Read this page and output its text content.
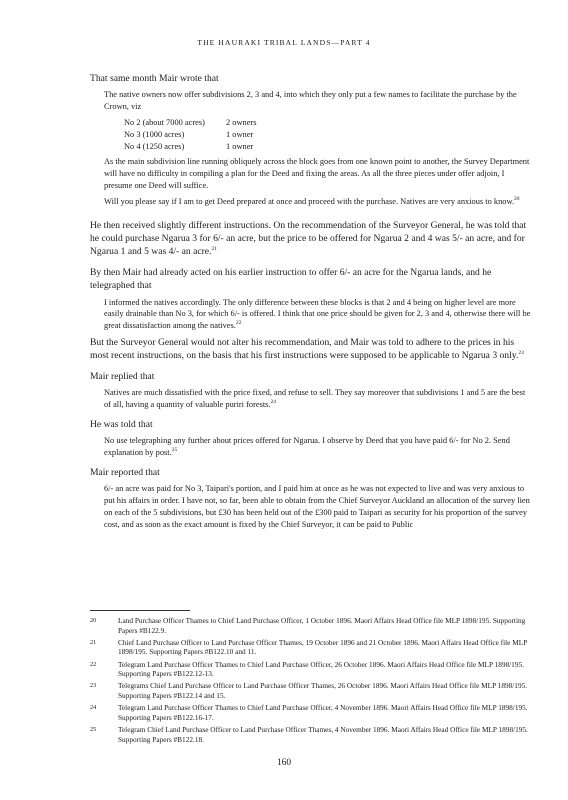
THE HAURAKI TRIBAL LANDS—PART 4

That same month Mair wrote that

The native owners now offer subdivisions 2, 3 and 4, into which they only put a few names to facilitate the purchase by the Crown, viz

No 2 (about 7000 acres)	2 owners
No 3 (1000 acres)	1 owner
No 4 (1250 acres)	1 owner

As the main subdivision line running obliquely across the block goes from one known point to another, the Survey Department will have no difficulty in compiling a plan for the Deed and fixing the areas. As all the three pieces under offer adjoin, I presume one Deed will suffice.

Will you please say if I am to get Deed prepared at once and proceed with the purchase. Natives are very anxious to know.$^{20}$

He then received slightly different instructions. On the recommendation of the Surveyor General, he was told that he could purchase Ngarua 3 for 6/- an acre, but the price to be offered for Ngarua 2 and 4 was 5/- an acre, and for Ngarua 1 and 5 was 4/- an acre.$^{21}$

By then Mair had already acted on his earlier instruction to offer 6/- an acre for the Ngarua lands, and he telegraphed that

I informed the natives accordingly. The only difference between these blocks is that 2 and 4 being on higher level are more easily drainable than No 3, for which 6/- is offered. I think that one price should be given for 2, 3 and 4, otherwise there will be great dissatisfaction among the natives.$^{22}$

But the Surveyor General would not alter his recommendation, and Mair was told to adhere to the prices in his most recent instructions, on the basis that his first instructions were supposed to be applicable to Ngarua 3 only.$^{23}$

Mair replied that

Natives are much dissatisfied with the price fixed, and refuse to sell. They say moreover that subdivisions 1 and 5 are the best of all, having a quantity of valuable puriri forests.$^{24}$

He was told that

No use telegraphing any further about prices offered for Ngarua. I observe by Deed that you have paid 6/- for No 2. Send explanation by post.$^{25}$

Mair reported that

6/- an acre was paid for No 3, Taipari's portion, and I paid him at once as he was not expected to live and was very anxious to put his affairs in order. I have not, so far, been able to obtain from the Chief Surveyor Auckland an allocation of the survey lien on each of the 5 subdivisions, but £30 has been held out of the £300 paid to Taipari as security for his proportion of the survey cost, and as soon as the exact amount is fixed by the Chief Surveyor, it can be paid to Public

20	Land Purchase Officer Thames to Chief Land Purchase Officer, 1 October 1896. Maori Affairs Head Office file MLP 1898/195. Supporting Papers #B122.9.
21	Chief Land Purchase Officer to Land Purchase Officer Thames, 19 October 1896 and 21 October 1896. Maori Affairs Head Office file MLP 1898/195. Supporting Papers #B122.10 and 11.
22	Telegram Land Purchase Officer Thames to Chief Land Purchase Officer, 26 October 1896. Maori Affairs Head Office file MLP 1898/195. Supporting Papers #B122.12-13.
23	Telegrams Chief Land Purchase Officer to Land Purchase Officer Thames, 26 October 1896. Maori Affairs Head Office file MLP 1898/195. Supporting Papers #B122.14 and 15.
24	Telegram Land Purchase Officer Thames to Chief Land Purchase Officer, 4 November 1896. Maori Affairs Head Office file MLP 1898/195. Supporting Papers #B122.16-17.
25	Telegram Chief Land Purchase Officer to Land Purchase Officer Thames, 4 November 1896. Maori Affairs Head Office file MLP 1898/195. Supporting Papers #B122.18.
160
